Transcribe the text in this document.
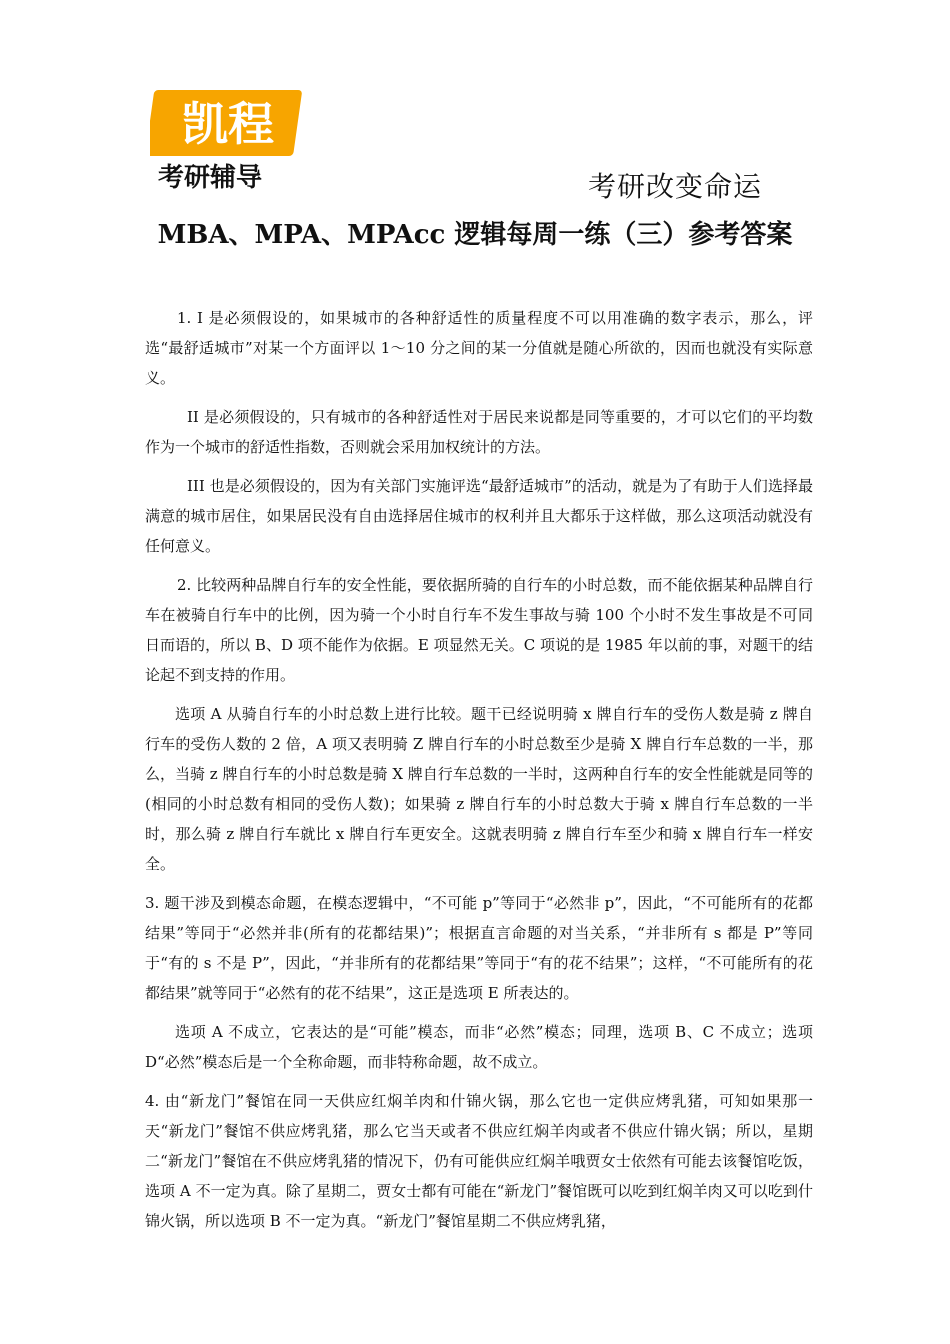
凯程
考研辅导	考研改变命运
MBA、MPA、MPAcc 逻辑每周一练（三）参考答案

1. I 是必须假设的，如果城市的各种舒适性的质量程度不可以用准确的数字表示，那么，评选“最舒适城市”对某一个方面评以 1～10 分之间的某一分值就是随心所欲的，因而也就没有实际意义。

II 是必须假设的，只有城市的各种舒适性对于居民来说都是同等重要的，才可以它们的平均数作为一个城市的舒适性指数，否则就会采用加权统计的方法。

III 也是必须假设的，因为有关部门实施评选“最舒适城市”的活动，就是为了有助于人们选择最满意的城市居住，如果居民没有自由选择居住城市的权利并且大都乐于这样做，那么这项活动就没有任何意义。

2. 比较两种品牌自行车的安全性能，要依据所骑的自行车的小时总数，而不能依据某种品牌自行车在被骑自行车中的比例，因为骑一个小时自行车不发生事故与骑 100 个小时不发生事故是不可同日而语的，所以 B、D 项不能作为依据。E 项显然无关。C 项说的是 1985 年以前的事，对题干的结论起不到支持的作用。

选项 A 从骑自行车的小时总数上进行比较。题干已经说明骑 x 牌自行车的受伤人数是骑 z 牌自行车的受伤人数的 2 倍，A 项又表明骑 Z 牌自行车的小时总数至少是骑 X 牌自行车总数的一半，那么，当骑 z 牌自行车的小时总数是骑 X 牌自行车总数的一半时，这两种自行车的安全性能就是同等的(相同的小时总数有相同的受伤人数)；如果骑 z 牌自行车的小时总数大于骑 x 牌自行车总数的一半时，那么骑 z 牌自行车就比 x 牌自行车更安全。这就表明骑 z 牌自行车至少和骑 x 牌自行车一样安全。

3. 题干涉及到模态命题，在模态逻辑中，“不可能 p”等同于“必然非 p”，因此，“不可能所有的花都结果”等同于“必然并非(所有的花都结果)”；根据直言命题的对当关系，“并非所有 s 都是 P”等同于“有的 s 不是 P”，因此，“并非所有的花都结果”等同于“有的花不结果”；这样，“不可能所有的花都结果”就等同于“必然有的花不结果”，这正是选项 E 所表达的。

选项 A 不成立，它表达的是“可能”模态，而非“必然”模态；同理，选项 B、C 不成立；选项 D“必然”模态后是一个全称命题，而非特称命题，故不成立。

4. 由“新龙门”餐馆在同一天供应红焖羊肉和什锦火锅，那么它也一定供应烤乳猪，可知如果那一天“新龙门”餐馆不供应烤乳猪，那么它当天或者不供应红焖羊肉或者不供应什锦火锅；所以，星期二“新龙门”餐馆在不供应烤乳猪的情况下，仍有可能供应红焖羊哦贾女士依然有可能去该餐馆吃饭，选项 A 不一定为真。除了星期二，贾女士都有可能在“新龙门”餐馆既可以吃到红焖羊肉又可以吃到什锦火锅，所以选项 B 不一定为真。“新龙门”餐馆星期二不供应烤乳猪，
